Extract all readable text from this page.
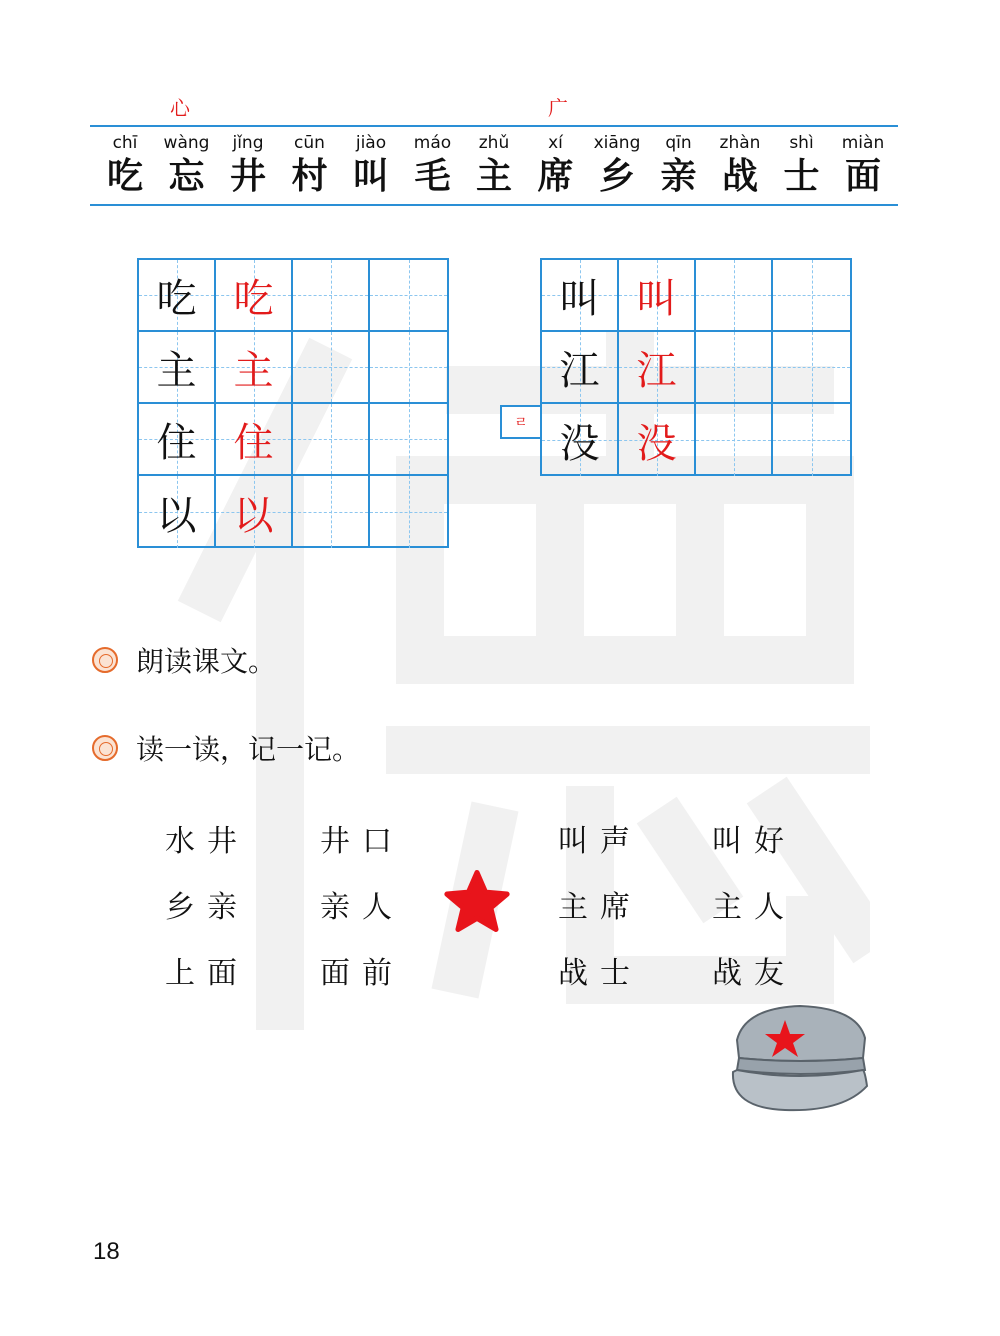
心	广
chī
吃
wàng
忘
jǐng
井
cūn
村
jiào
叫
máo
毛
zhǔ
主
xí
席
xiāng
乡
qīn
亲
zhàn
战
shì
士
miàn
面
吃 吃
主 主
住 住
以 以
ㄹ
叫 叫
江 江
没 没
朗读课文。
读一读，记一记。
水井 井口	叫声 叫好
乡亲 亲人	主席 主人
上面 面前	战士 战友
18
